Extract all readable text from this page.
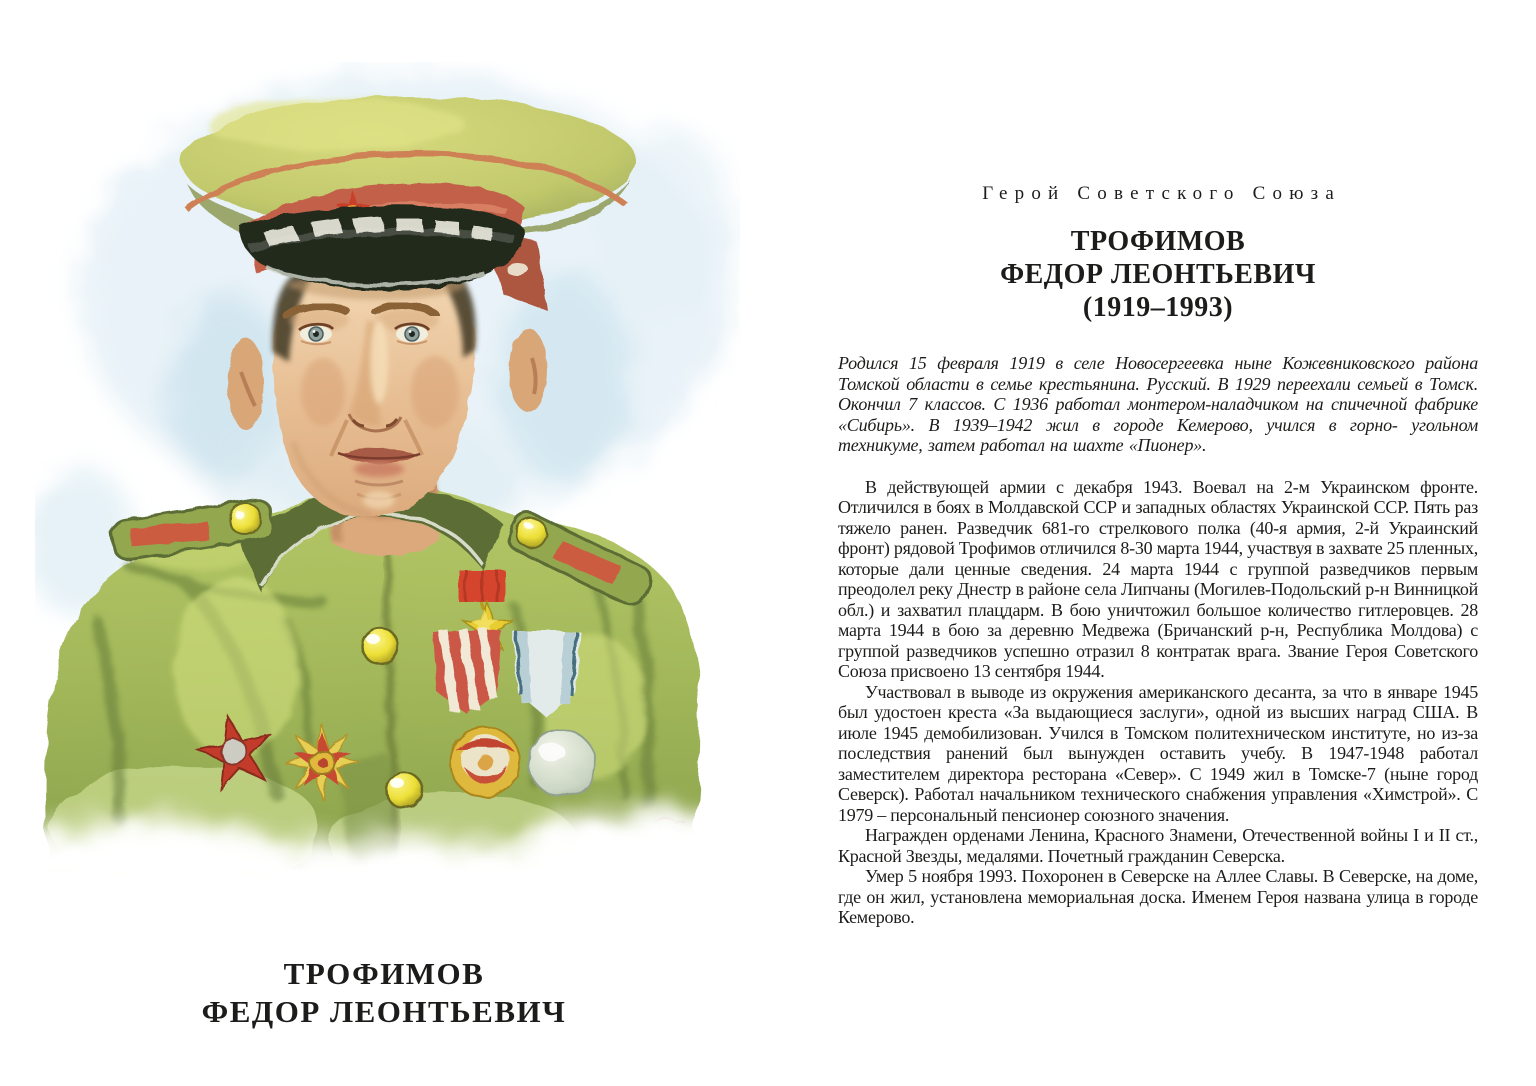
ТРОФИМОВ
ФЕДОР ЛЕОНТЬЕВИЧ
Герой Советского Союза
ТРОФИМОВ
ФЕДОР ЛЕОНТЬЕВИЧ
(1919–1993)
Родился 15 февраля 1919 в селе Новосергеевка ныне Кожевниковского района Томской области в семье крестьянина. Русский. В 1929 переехали семьей в Томск. Окончил 7 классов. С 1936 работал монтером-наладчиком на спичечной фабрике «Сибирь». В 1939–1942 жил в городе Кемерово, учился в горно- угольном техникуме, затем работал на шахте «Пионер».

В действующей армии с декабря 1943. Воевал на 2-м Украинском фронте. Отличился в боях в Молдавской ССР и западных областях Украинской ССР. Пять раз тяжело ранен. Разведчик 681-го стрелкового полка (40-я армия, 2-й Украинский фронт) рядовой Трофимов отличился 8-30 марта 1944, участвуя в захвате 25 пленных, которые дали ценные сведения. 24 марта 1944 с группой разведчиков первым преодолел реку Днестр в районе села Липчаны (Могилев-Подольский р-н Винницкой обл.) и захватил плацдарм. В бою уничтожил большое количество гитлеровцев. 28 марта 1944 в бою за деревню Медвежа (Бричанский р-н, Республика Молдова) с группой разведчиков успешно отразил 8 контратак врага. Звание Героя Советского Союза присвоено 13 сентября 1944.

Участвовал в выводе из окружения американского десанта, за что в январе 1945 был удостоен креста «За выдающиеся заслуги», одной из высших наград США. В июле 1945 демобилизован. Учился в Томском политехническом институте, но из-за последствия ранений был вынужден оставить учебу. В 1947-1948 работал заместителем директора ресторана «Север». С 1949 жил в Томске-7 (ныне город Северск). Работал начальником технического снабжения управления «Химстрой». С 1979 – персональный пенсионер союзного значения.

Награжден орденами Ленина, Красного Знамени, Отечественной войны I и II ст., Красной Звезды, медалями. Почетный гражданин Северска.

Умер 5 ноября 1993. Похоронен в Северске на Аллее Славы. В Северске, на доме, где он жил, установлена мемориальная доска. Именем Героя названа улица в городе Кемерово.
